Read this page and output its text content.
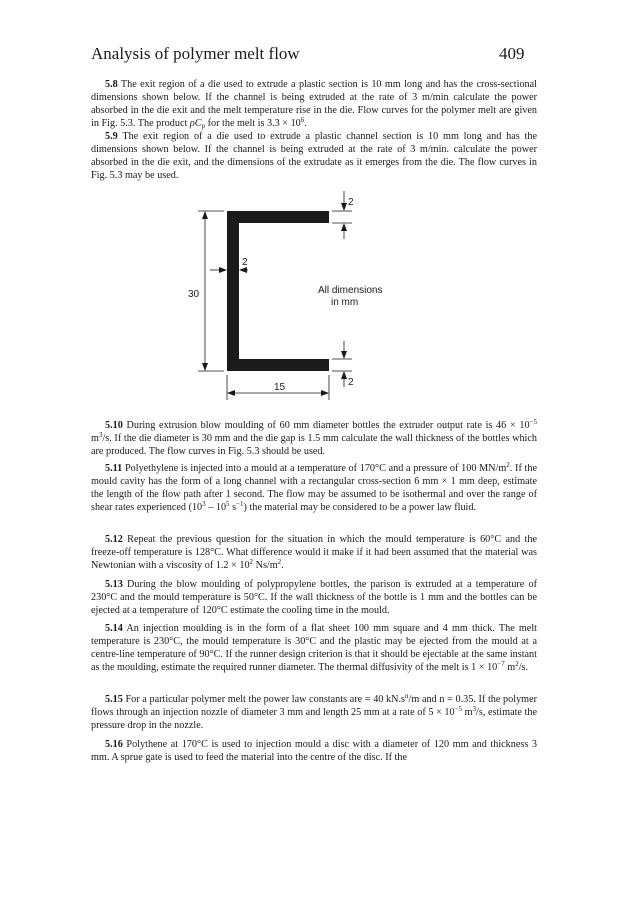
Analysis of polymer melt flow	409

5.8 The exit region of a die used to extrude a plastic section is 10 mm long and has the cross-sectional dimensions shown below. If the channel is being extruded at the rate of 3 m/min calculate the power absorbed in the die exit and the melt temperature rise in the die. Flow curves for the polymer melt are given in Fig. 5.3. The product $\rho C_p$ for the melt is $3.3 \times 10^6$.

5.9 The exit region of a die used to extrude a plastic channel section is 10 mm long and has the dimensions shown below. If the channel is being extruded at the rate of 3 m/min. calculate the power absorbed in the die exit, and the dimensions of the extrudate as it emerges from the die. The flow curves in Fig. 5.3 may be used.

30
2
15
2
All dimensions
in mm
2

5.10 During extrusion blow moulding of 60 mm diameter bottles the extruder output rate is $46 \times 10^{-5}$ $m^3/s$. If the die diameter is 30 mm and the die gap is 1.5 mm calculate the wall thickness of the bottles which are produced. The flow curves in Fig. 5.3 should be used.

5.11 Polyethylene is injected into a mould at a temperature of 170°C and a pressure of 100 $MN/m^2$. If the mould cavity has the form of a long channel with a rectangular cross-section 6 mm × 1 mm deep, estimate the length of the flow path after 1 second. The flow may be assumed to be isothermal and over the range of shear rates experienced ($10^3 - 10^5$ $s^{-1}$) the material may be considered to be a power law fluid.

5.12 Repeat the previous question for the situation in which the mould temperature is 60°C and the freeze-off temperature is 128°C. What difference would it make if it had been assumed that the material was Newtonian with a viscosity of $1.2 \times 10^2$ $Ns/m^2$.

5.13 During the blow moulding of polypropylene bottles, the parison is extruded at a temperature of 230°C and the mould temperature is 50°C. If the wall thickness of the bottle is 1 mm and the bottles can be ejected at a temperature of 120°C estimate the cooling time in the mould.

5.14 An injection moulding is in the form of a flat sheet 100 mm square and 4 mm thick. The melt temperature is 230°C, the mould temperature is 30°C and the plastic may be ejected from the mould at a centre-line temperature of 90°C. If the runner design criterion is that it should be ejectable at the same instant as the moulding, estimate the required runner diameter. The thermal diffusivity of the melt is $1 \times 10^{-7}$ $m^2/s$.

5.15 For a particular polymer melt the power law constants are = 40 $kN.s^n/m$ and n = 0.35. If the polymer flows through an injection nozzle of diameter 3 mm and length 25 mm at a rate of $5 \times 10^{-5}$ $m^3/s$, estimate the pressure drop in the nozzle.

5.16 Polythene at 170°C is used to injection mould a disc with a diameter of 120 mm and thickness 3 mm. A sprue gate is used to feed the material into the centre of the disc. If the
